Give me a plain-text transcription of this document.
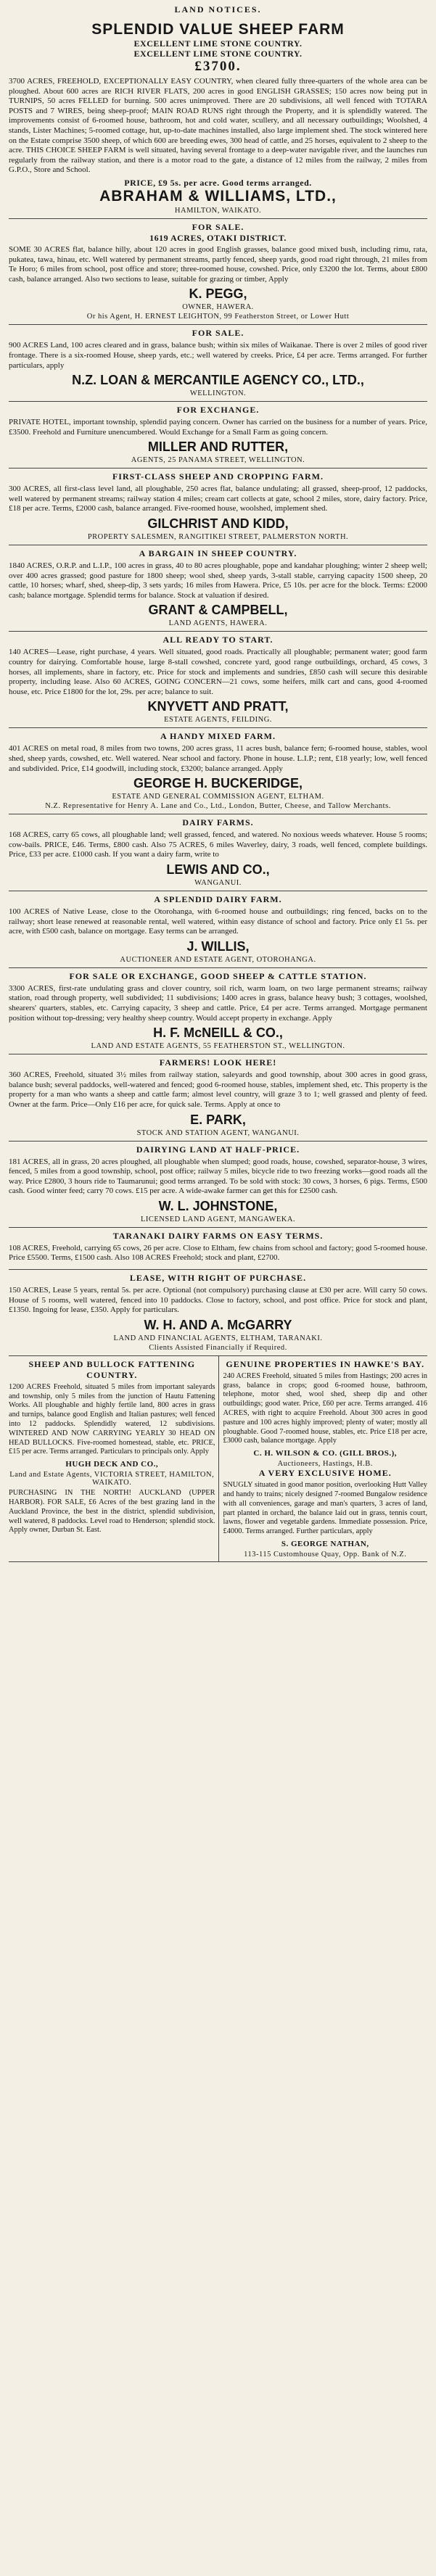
LAND NOTICES.
SPLENDID VALUE SHEEP FARM
EXCELLENT LIME STONE COUNTRY.
EXCELLENT LIME STONE COUNTRY.
£3700.
3700 ACRES, FREEHOLD, EXCEPTIONALLY EASY COUNTRY, when cleared fully three-quarters of the whole area can be ploughed. About 600 acres are RICH RIVER FLATS, 200 acres in good ENGLISH GRASSES; 150 acres now being put in TURNIPS, 50 acres FELLED for burning. 500 acres unimproved. There are 20 subdivisions, all well fenced with TOTARA POSTS and 7 WIRES, being sheep-proof; MAIN ROAD RUNS right through the Property, and it is splendidly watered. The improvements consist of 6-roomed house, bathroom, hot and cold water, scullery, and all necessary outbuildings; Woolshed, 4 stands, Lister Machines; 5-roomed cottage, hut, up-to-date machines installed, also large implement shed. The stock wintered here on the Estate comprise 3500 sheep, of which 600 are breeding ewes, 300 head of cattle, and 25 horses, equivalent to 2 sheep to the acre. THIS CHOICE SHEEP FARM is well situated, having several frontage to a deep-water navigable river, and the launches run regularly from the railway station, and there is a motor road to the gate, a distance of 12 miles from the railway, 2 miles from G.P.O., Store and School.
PRICE, £9 5s. per acre. Good terms arranged.
ABRAHAM & WILLIAMS, LTD.,
HAMILTON, WAIKATO.
FOR SALE.
1619 ACRES, OTAKI DISTRICT.
SOME 30 ACRES flat, balance hilly, about 120 acres in good English grasses, balance good mixed bush, including rimu, rata, pukatea, tawa, hinau, etc. Well watered by permanent streams, partly fenced, sheep yards, good road right through, 21 miles from Te Horo; 6 miles from school, post office and store; three-roomed house, cowshed. Price, only £3200 the lot. Terms, about £800 cash, balance arranged. Also two sections to lease, suitable for grazing or timber, Apply
K. PEGG,
OWNER, HAWERA.
Or his Agent, H. ERNEST LEIGHTON, 99 Featherston Street, or Lower Hutt
FOR SALE.
900 ACRES Land, 100 acres cleared and in grass, balance bush; within six miles of Waikanae. There is over 2 miles of good river frontage. There is a six-roomed House, sheep yards, etc.; well watered by creeks. Price, £4 per acre. Terms arranged. For further particulars, apply
N.Z. LOAN & MERCANTILE AGENCY CO., LTD.,
WELLINGTON.
FOR EXCHANGE.
PRIVATE HOTEL, important township, splendid paying concern. Owner has carried on the business for a number of years. Price, £3500. Freehold and Furniture unencumbered. Would Exchange for a Small Farm as going concern.
MILLER AND RUTTER,
AGENTS, 25 PANAMA STREET, WELLINGTON.
FIRST-CLASS SHEEP AND CROPPING FARM.
300 ACRES, all first-class level land, all ploughable, 250 acres flat, balance undulating; all grassed, sheep-proof, 12 paddocks, well watered by permanent streams; railway station 4 miles; cream cart collects at gate, school 2 miles, store, dairy factory. Price, £18 per acre. Terms, £2000 cash, balance arranged. Five-roomed house, woolshed, implement shed.
GILCHRIST AND KIDD,
PROPERTY SALESMEN, RANGITIKEI STREET, PALMERSTON NORTH.
A BARGAIN IN SHEEP COUNTRY.
1840 ACRES, O.R.P. and L.I.P., 100 acres in grass, 40 to 80 acres ploughable, pope and kandahar ploughing; winter 2 sheep well; over 400 acres grassed; good pasture for 1800 sheep; wool shed, sheep yards, 3-stall stable, carrying capacity 1500 sheep, 20 cattle, 10 horses; wharf, shed, sheep-dip, 3 sets yards; 16 miles from Hawera. Price, £5 10s. per acre for the block. Terms: £2000 cash; balance mortgage. Splendid terms for balance. Stock at valuation if desired.
GRANT & CAMPBELL,
LAND AGENTS, HAWERA.
ALL READY TO START.
140 ACRES—Lease, right purchase, 4 years. Well situated, good roads. Practically all ploughable; permanent water; good farm country for dairying. Comfortable house, large 8-stall cowshed, concrete yard, good range outbuildings, orchard, 45 cows, 3 horses, all implements, share in factory, etc. Price for stock and implements and sundries, £850 cash will secure this desirable property, including lease. Also 60 ACRES, GOING CONCERN—21 cows, some heifers, milk cart and cans, good 4-roomed house, etc. Price £1800 for the lot, 29s. per acre; balance to suit.
KNYVETT AND PRATT,
ESTATE AGENTS, FEILDING.
A HANDY MIXED FARM.
401 ACRES on metal road, 8 miles from two towns, 200 acres grass, 11 acres bush, balance fern; 6-roomed house, stables, wool shed, sheep yards, cowshed, etc. Well watered. Near school and factory. Phone in house. L.I.P.; rent, £18 yearly; low, well fenced and subdivided. Price, £14 goodwill, including stock, £3200; balance arranged. Apply
GEORGE H. BUCKERIDGE,
ESTATE AND GENERAL COMMISSION AGENT, ELTHAM.
N.Z. Representative for Henry A. Lane and Co., Ltd., London, Butter, Cheese, and Tallow Merchants.
DAIRY FARMS.
168 ACRES, carry 65 cows, all ploughable land; well grassed, fenced, and watered. No noxious weeds whatever. House 5 rooms; cow-bails. PRICE, £46. Terms, £800 cash. Also 75 ACRES, 6 miles Waverley, dairy, 3 roads, well fenced, complete buildings. Price, £33 per acre. £1000 cash. If you want a dairy farm, write to
LEWIS AND CO.,
WANGANUI.
A SPLENDID DAIRY FARM.
100 ACRES of Native Lease, close to the Otorohanga, with 6-roomed house and outbuildings; ring fenced, backs on to the railway; short lease renewed at reasonable rental, well watered, within easy distance of school and factory. Price only £1 5s. per acre, with £500 cash, balance on mortgage. Easy terms can be arranged.
J. WILLIS,
AUCTIONEER AND ESTATE AGENT, OTOROHANGA.
FOR SALE OR EXCHANGE, GOOD SHEEP & CATTLE STATION.
3300 ACRES, first-rate undulating grass and clover country, soil rich, warm loam, on two large permanent streams; railway station, road through property, well subdivided; 11 subdivisions; 1400 acres in grass, balance heavy bush; 3 cottages, woolshed, shearers' quarters, stables, etc. Carrying capacity, 3 sheep and cattle. Price, £4 per acre. Terms arranged. Mortgage permanent position without top-dressing; very healthy sheep country. Would accept property in exchange. Apply
H. F. McNEILL & CO.,
LAND AND ESTATE AGENTS, 55 FEATHERSTON ST., WELLINGTON.
FARMERS! LOOK HERE!
360 ACRES, Freehold, situated 3½ miles from railway station, saleyards and good township, about 300 acres in good grass, balance bush; several paddocks, well-watered and fenced; good 6-roomed house, stables, implement shed, etc. This property is the property for a man who wants a sheep and cattle farm; almost level country, will graze 3 to 1; well grassed and plenty of feed. Owner at the farm. Price—Only £16 per acre, for quick sale. Terms. Apply at once to
E. PARK,
STOCK AND STATION AGENT, WANGANUI.
DAIRYING LAND AT HALF-PRICE.
181 ACRES, all in grass, 20 acres ploughed, all ploughable when slumped; good roads, house, cowshed, separator-house, 3 wires, fenced, 5 miles from a good township, school, post office; railway 5 miles, bicycle ride to two freezing works—good roads all the way. Price £2800, 3 hours ride to Taumarunui; good terms arranged. To be sold with stock: 30 cows, 3 horses, 6 pigs. Terms, £500 cash. Good winter feed; carry 70 cows. £15 per acre. A wide-awake farmer can get this for £2500 cash.
W. L. JOHNSTONE,
LICENSED LAND AGENT, MANGAWEKA.
TARANAKI DAIRY FARMS ON EASY TERMS.
108 ACRES, Freehold, carrying 65 cows, 26 per acre. Close to Eltham, few chains from school and factory; good 5-roomed house. Price £5500. Terms, £1500 cash. Also 108 ACRES Freehold; stock and plant, £2700.
LEASE, WITH RIGHT OF PURCHASE.
150 ACRES, Lease 5 years, rental 5s. per acre. Optional (not compulsory) purchasing clause at £30 per acre. Will carry 50 cows. House of 5 rooms, well watered, fenced into 10 paddocks. Close to factory, school, and post office. Price for stock and plant, £1350. Ingoing for lease, £350. Apply for particulars.
W. H. AND A. McGARRY
LAND AND FINANCIAL AGENTS, ELTHAM, TARANAKI.
Clients Assisted Financially if Required.
SHEEP AND BULLOCK FATTENING COUNTRY.
1200 ACRES Freehold, situated 5 miles from important saleyards and township, only 5 miles from the junction of Hautu Fattening Works. All ploughable and highly fertile land, 800 acres in grass and turnips, balance good English and Italian pastures; well fenced into 12 paddocks. Splendidly watered, 12 subdivisions. WINTERED AND NOW CARRYING YEARLY 30 HEAD ON HEAD BULLOCKS. Five-roomed homestead, stable, etc. PRICE, £15 per acre. Terms arranged. Particulars to principals only. Apply
HUGH DECK AND CO.,
Land and Estate Agents, VICTORIA STREET, HAMILTON, WAIKATO.
PURCHASING IN THE NORTH! AUCKLAND (UPPER HARBOR). FOR SALE, £6 Acres of the best grazing land in the Auckland Province, the best in the district, splendid subdivision, well watered, 8 paddocks. Level road to Henderson; splendid stock. Apply owner, Durban St. East.
GENUINE PROPERTIES IN HAWKE'S BAY.
240 ACRES Freehold, situated 5 miles from Hastings; 200 acres in grass, balance in crops; good 6-roomed house, bathroom, telephone, motor shed, wool shed, sheep dip and other outbuildings; good water. Price, £60 per acre. Terms arranged. 416 ACRES, with right to acquire Freehold. About 300 acres in good pasture and 100 acres highly improved; plenty of water; mostly all ploughable. Good 7-roomed house, stables, etc. Price £18 per acre, £3000 cash, balance mortgage. Apply
C. H. WILSON & CO. (GILL BROS.),
Auctioneers, Hastings, H.B.
A VERY EXCLUSIVE HOME.
SNUGLY situated in good manor position, overlooking Hutt Valley and handy to trains; nicely designed 7-roomed Bungalow residence with all conveniences, garage and man's quarters, 3 acres of land, part planted in orchard, the balance laid out in grass, tennis court, lawns, flower and vegetable gardens. Immediate possession. Price, £4000. Terms arranged. Further particulars, apply
S. GEORGE NATHAN,
113-115 Customhouse Quay, Opp. Bank of N.Z.
